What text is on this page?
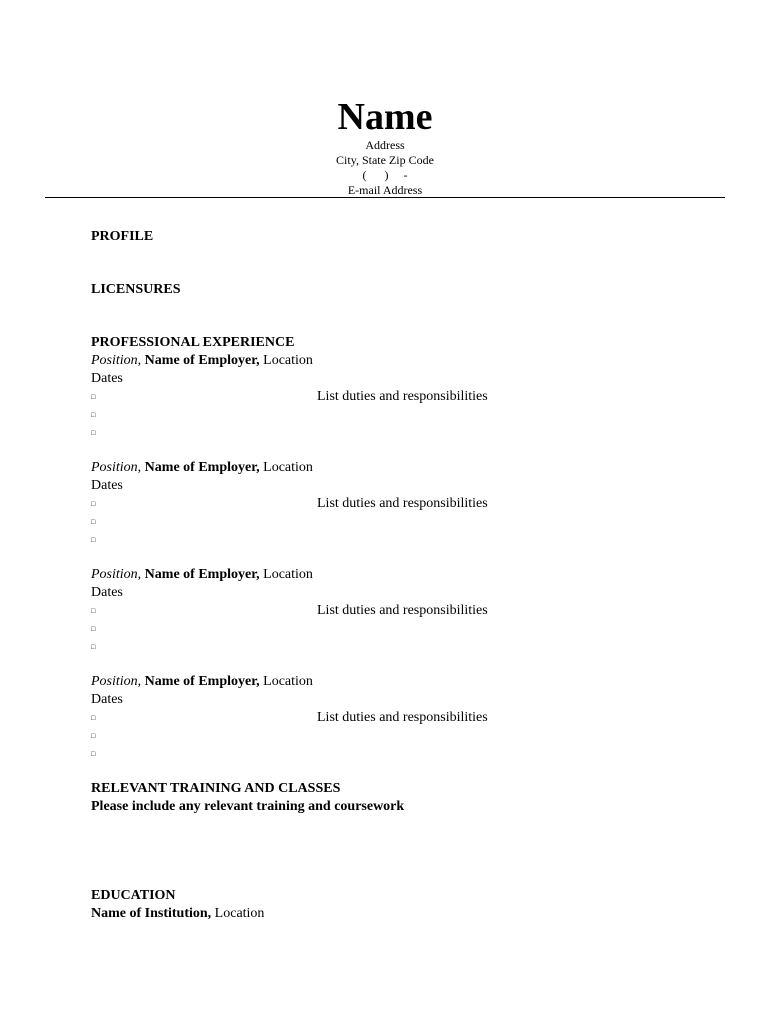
Name
Address
City, State Zip Code
(      )     -
E-mail Address
PROFILE
LICENSURES
PROFESSIONAL EXPERIENCE
Position, Name of Employer, Location
Dates
□	List duties and responsibilities
□
□
Position, Name of Employer, Location
Dates
□	List duties and responsibilities
□
□
Position, Name of Employer, Location
Dates
□	List duties and responsibilities
□
□
Position, Name of Employer, Location
Dates
□	List duties and responsibilities
□
□
RELEVANT TRAINING AND CLASSES
Please include any relevant training and coursework
EDUCATION
Name of Institution, Location
